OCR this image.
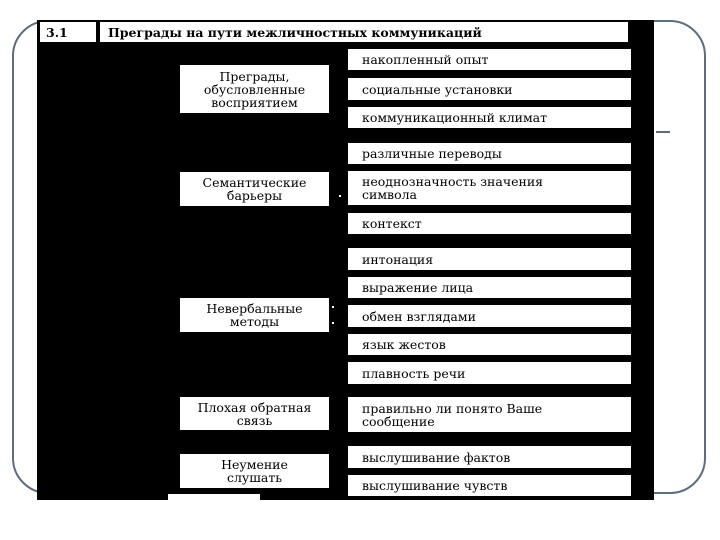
3.1	Преграды на пути межличностных коммуникаций
Преграды,
обусловленные
восприятием
Семантические
барьеры
Невербальные
методы
Плохая обратная
связь
Неумение
слушать
накопленный опыт
социальные установки
коммуникационный климат
различные переводы
неоднозначность значения
символа
контекст
интонация
выражение лица
обмен взглядами
язык жестов
плавность речи
правильно ли понято Ваше
сообщение
выслушивание фактов
выслушивание чувств
